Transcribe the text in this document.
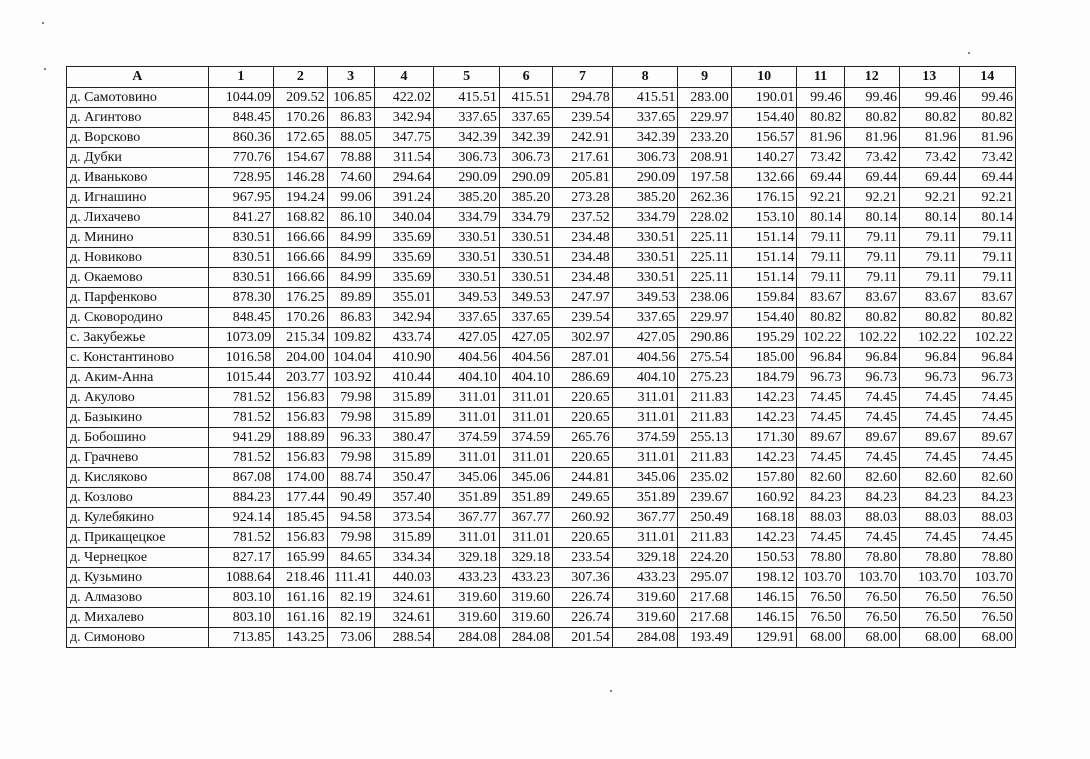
A	1	2	3	4	5	6	7	8	9	10	11	12	13	14
д. Самотовино	1044.09	209.52	106.85	422.02	415.51	415.51	294.78	415.51	283.00	190.01	99.46	99.46	99.46	99.46
д. Агинтово	848.45	170.26	86.83	342.94	337.65	337.65	239.54	337.65	229.97	154.40	80.82	80.82	80.82	80.82
д. Ворсково	860.36	172.65	88.05	347.75	342.39	342.39	242.91	342.39	233.20	156.57	81.96	81.96	81.96	81.96
д. Дубки	770.76	154.67	78.88	311.54	306.73	306.73	217.61	306.73	208.91	140.27	73.42	73.42	73.42	73.42
д. Иваньково	728.95	146.28	74.60	294.64	290.09	290.09	205.81	290.09	197.58	132.66	69.44	69.44	69.44	69.44
д. Игнашино	967.95	194.24	99.06	391.24	385.20	385.20	273.28	385.20	262.36	176.15	92.21	92.21	92.21	92.21
д. Лихачево	841.27	168.82	86.10	340.04	334.79	334.79	237.52	334.79	228.02	153.10	80.14	80.14	80.14	80.14
д. Минино	830.51	166.66	84.99	335.69	330.51	330.51	234.48	330.51	225.11	151.14	79.11	79.11	79.11	79.11
д. Новиково	830.51	166.66	84.99	335.69	330.51	330.51	234.48	330.51	225.11	151.14	79.11	79.11	79.11	79.11
д. Окаемово	830.51	166.66	84.99	335.69	330.51	330.51	234.48	330.51	225.11	151.14	79.11	79.11	79.11	79.11
д. Парфенково	878.30	176.25	89.89	355.01	349.53	349.53	247.97	349.53	238.06	159.84	83.67	83.67	83.67	83.67
д. Сковородино	848.45	170.26	86.83	342.94	337.65	337.65	239.54	337.65	229.97	154.40	80.82	80.82	80.82	80.82
с. Закубежье	1073.09	215.34	109.82	433.74	427.05	427.05	302.97	427.05	290.86	195.29	102.22	102.22	102.22	102.22
с. Константиново	1016.58	204.00	104.04	410.90	404.56	404.56	287.01	404.56	275.54	185.00	96.84	96.84	96.84	96.84
д. Аким-Анна	1015.44	203.77	103.92	410.44	404.10	404.10	286.69	404.10	275.23	184.79	96.73	96.73	96.73	96.73
д. Акулово	781.52	156.83	79.98	315.89	311.01	311.01	220.65	311.01	211.83	142.23	74.45	74.45	74.45	74.45
д. Базыкино	781.52	156.83	79.98	315.89	311.01	311.01	220.65	311.01	211.83	142.23	74.45	74.45	74.45	74.45
д. Бобошино	941.29	188.89	96.33	380.47	374.59	374.59	265.76	374.59	255.13	171.30	89.67	89.67	89.67	89.67
д. Грачнево	781.52	156.83	79.98	315.89	311.01	311.01	220.65	311.01	211.83	142.23	74.45	74.45	74.45	74.45
д. Кисляково	867.08	174.00	88.74	350.47	345.06	345.06	244.81	345.06	235.02	157.80	82.60	82.60	82.60	82.60
д. Козлово	884.23	177.44	90.49	357.40	351.89	351.89	249.65	351.89	239.67	160.92	84.23	84.23	84.23	84.23
д. Кулебякино	924.14	185.45	94.58	373.54	367.77	367.77	260.92	367.77	250.49	168.18	88.03	88.03	88.03	88.03
д. Прикащецкое	781.52	156.83	79.98	315.89	311.01	311.01	220.65	311.01	211.83	142.23	74.45	74.45	74.45	74.45
д. Чернецкое	827.17	165.99	84.65	334.34	329.18	329.18	233.54	329.18	224.20	150.53	78.80	78.80	78.80	78.80
д. Кузьмино	1088.64	218.46	111.41	440.03	433.23	433.23	307.36	433.23	295.07	198.12	103.70	103.70	103.70	103.70
д. Алмазово	803.10	161.16	82.19	324.61	319.60	319.60	226.74	319.60	217.68	146.15	76.50	76.50	76.50	76.50
д. Михалево	803.10	161.16	82.19	324.61	319.60	319.60	226.74	319.60	217.68	146.15	76.50	76.50	76.50	76.50
д. Симоново	713.85	143.25	73.06	288.54	284.08	284.08	201.54	284.08	193.49	129.91	68.00	68.00	68.00	68.00
